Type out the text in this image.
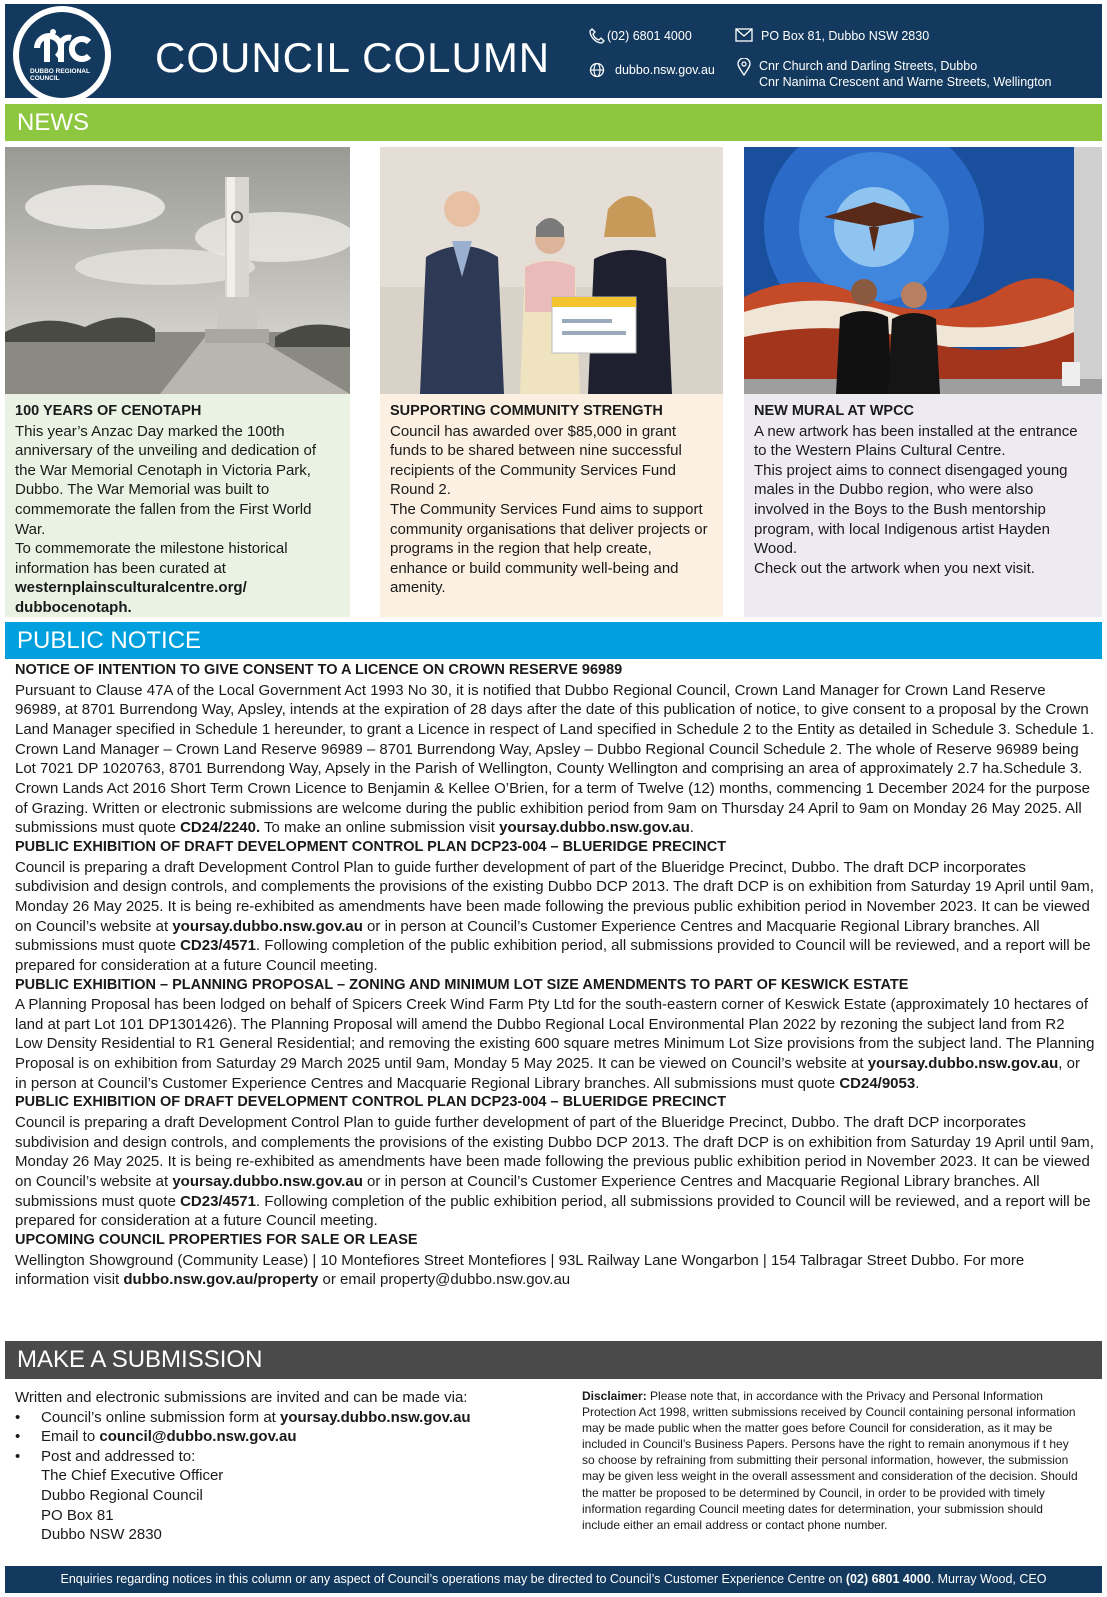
DUBBO REGIONAL COUNCIL	COUNCIL COLUMN	(02) 6801 4000
dubbo.nsw.gov.au
PO Box 81, Dubbo NSW 2830
Cnr Church and Darling Streets, Dubbo
Cnr Nanima Crescent and Warne Streets, Wellington
NEWS
100 YEARS OF CENOTAPH

This year’s Anzac Day marked the 100th anniversary of the unveiling and dedication of the War Memorial Cenotaph in Victoria Park, Dubbo. The War Memorial was built to commemorate the fallen from the First World War.

To commemorate the milestone historical information has been curated at westernplainsculturalcentre.org/ dubbocenotaph.

SUPPORTING COMMUNITY STRENGTH

Council has awarded over $85,000 in grant funds to be shared between nine successful recipients of the Community Services Fund Round 2.

The Community Services Fund aims to support community organisations that deliver projects or programs in the region that help create, enhance or build community well-being and amenity.

NEW MURAL AT WPCC

A new artwork has been installed at the entrance to the Western Plains Cultural Centre.

This project aims to connect disengaged young males in the Dubbo region, who were also involved in the Boys to the Bush mentorship program, with local Indigenous artist Hayden Wood.

Check out the artwork when you next visit.

PUBLIC NOTICE
NOTICE OF INTENTION TO GIVE CONSENT TO A LICENCE ON CROWN RESERVE 96989

Pursuant to Clause 47A of the Local Government Act 1993 No 30, it is notified that Dubbo Regional Council, Crown Land Manager for Crown Land Reserve 96989, at 8701 Burrendong Way, Apsley, intends at the expiration of 28 days after the date of this publication of notice, to give consent to a proposal by the Crown Land Manager specified in Schedule 1 hereunder, to grant a Licence in respect of Land specified in Schedule 2 to the Entity as detailed in Schedule 3. Schedule 1. Crown Land Manager – Crown Land Reserve 96989 – 8701 Burrendong Way, Apsley – Dubbo Regional Council Schedule 2. The whole of Reserve 96989 being Lot 7021 DP 1020763, 8701 Burrendong Way, Apsely in the Parish of Wellington, County Wellington and comprising an area of approximately 2.7 ha.Schedule 3. Crown Lands Act 2016 Short Term Crown Licence to Benjamin & Kellee O’Brien, for a term of Twelve (12) months, commencing 1 December 2024 for the purpose of Grazing. Written or electronic submissions are welcome during the public exhibition period from 9am on Thursday 24 April to 9am on Monday 26 May 2025. All submissions must quote CD24/2240. To make an online submission visit yoursay.dubbo.nsw.gov.au.

PUBLIC EXHIBITION OF DRAFT DEVELOPMENT CONTROL PLAN DCP23-004 – BLUERIDGE PRECINCT

Council is preparing a draft Development Control Plan to guide further development of part of the Blueridge Precinct, Dubbo. The draft DCP incorporates subdivision and design controls, and complements the provisions of the existing Dubbo DCP 2013. The draft DCP is on exhibition from Saturday 19 April until 9am, Monday 26 May 2025. It is being re-exhibited as amendments have been made following the previous public exhibition period in November 2023. It can be viewed on Council’s website at yoursay.dubbo.nsw.gov.au or in person at Council’s Customer Experience Centres and Macquarie Regional Library branches. All submissions must quote CD23/4571. Following completion of the public exhibition period, all submissions provided to Council will be reviewed, and a report will be prepared for consideration at a future Council meeting.

PUBLIC EXHIBITION – PLANNING PROPOSAL – ZONING AND MINIMUM LOT SIZE AMENDMENTS TO PART OF KESWICK ESTATE

A Planning Proposal has been lodged on behalf of Spicers Creek Wind Farm Pty Ltd for the south-eastern corner of Keswick Estate (approximately 10 hectares of land at part Lot 101 DP1301426). The Planning Proposal will amend the Dubbo Regional Local Environmental Plan 2022 by rezoning the subject land from R2 Low Density Residential to R1 General Residential; and removing the existing 600 square metres Minimum Lot Size provisions from the subject land. The Planning Proposal is on exhibition from Saturday 29 March 2025 until 9am, Monday 5 May 2025. It can be viewed on Council’s website at yoursay.dubbo.nsw.gov.au, or in person at Council’s Customer Experience Centres and Macquarie Regional Library branches. All submissions must quote CD24/9053.

PUBLIC EXHIBITION OF DRAFT DEVELOPMENT CONTROL PLAN DCP23-004 – BLUERIDGE PRECINCT

Council is preparing a draft Development Control Plan to guide further development of part of the Blueridge Precinct, Dubbo. The draft DCP incorporates subdivision and design controls, and complements the provisions of the existing Dubbo DCP 2013. The draft DCP is on exhibition from Saturday 19 April until 9am, Monday 26 May 2025. It is being re-exhibited as amendments have been made following the previous public exhibition period in November 2023. It can be viewed on Council’s website at yoursay.dubbo.nsw.gov.au or in person at Council’s Customer Experience Centres and Macquarie Regional Library branches. All submissions must quote CD23/4571. Following completion of the public exhibition period, all submissions provided to Council will be reviewed, and a report will be prepared for consideration at a future Council meeting.

UPCOMING COUNCIL PROPERTIES FOR SALE OR LEASE

Wellington Showground (Community Lease) | 10 Montefiores Street Montefiores | 93L Railway Lane Wongarbon | 154 Talbragar Street Dubbo. For more information visit dubbo.nsw.gov.au/property or email property@dubbo.nsw.gov.au

MAKE A SUBMISSION

Written and electronic submissions are invited and can be made via:

• Council’s online submission form at yoursay.dubbo.nsw.gov.au
• Email to council@dubbo.nsw.gov.au
• Post and addressed to:
The Chief Executive Officer
Dubbo Regional Council
PO Box 81
Dubbo NSW 2830
Disclaimer: Please note that, in accordance with the Privacy and Personal Information Protection Act 1998, written submissions received by Council containing personal information may be made public when the matter goes before Council for consideration, as it may be included in Council’s Business Papers. Persons have the right to remain anonymous if t hey so choose by refraining from submitting their personal information, however, the submission may be given less weight in the overall assessment and consideration of the decision. Should the matter be proposed to be determined by Council, in order to be provided with timely information regarding Council meeting dates for determination, your submission should include either an email address or contact phone number.
Enquiries regarding notices in this column or any aspect of Council’s operations may be directed to Council’s Customer Experience Centre on (02) 6801 4000. Murray Wood, CEO
